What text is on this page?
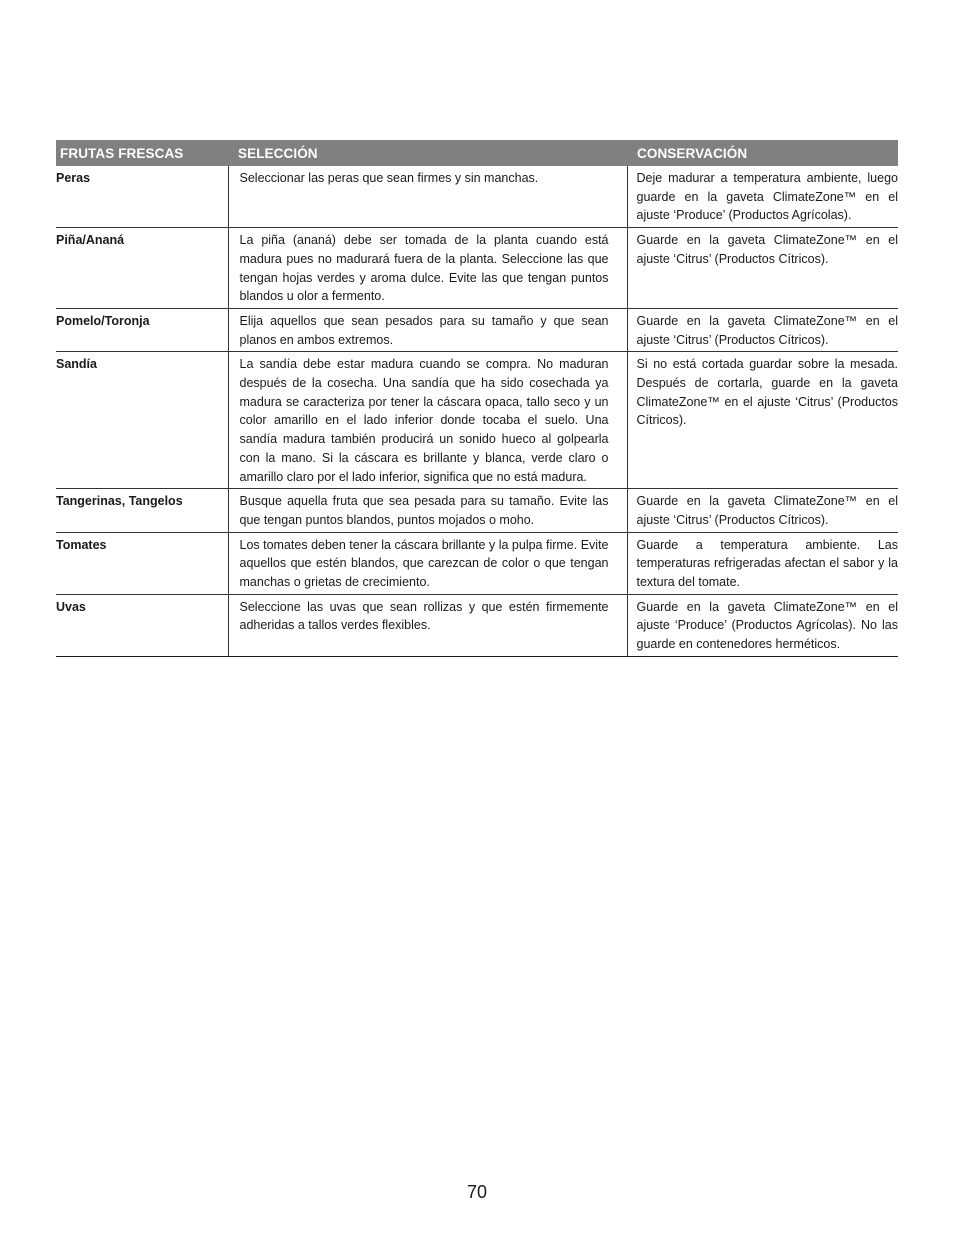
FRUTAS FRESCAS	SELECCIÓN	CONSERVACIÓN
Peras	Seleccionar las peras que sean firmes y sin manchas.	Deje madurar a temperatura ambiente, luego guarde en la gaveta ClimateZone™ en el ajuste ‘Produce’ (Productos Agrícolas).
Piña/Ananá	La piña (ananá) debe ser tomada de la planta cuando está madura pues no madurará fuera de la planta. Seleccione las que tengan hojas verdes y aroma dulce. Evite las que tengan puntos blandos u olor a fermento.	Guarde en la gaveta ClimateZone™ en el ajuste ‘Citrus’ (Productos Cítricos).
Pomelo/Toronja	Elija aquellos que sean pesados para su tamaño y que sean planos en ambos extremos.	Guarde en la gaveta ClimateZone™ en el ajuste ‘Citrus’ (Productos Cítricos).
Sandía	La sandía debe estar madura cuando se compra. No maduran después de la cosecha. Una sandía que ha sido cosechada ya madura se caracteriza por tener la cáscara opaca, tallo seco y un color amarillo en el lado inferior donde tocaba el suelo. Una sandía madura también producirá un sonido hueco al golpearla con la mano. Si la cáscara es brillante y blanca, verde claro o amarillo claro por el lado inferior, significa que no está madura.	Si no está cortada guardar sobre la mesada. Después de cortarla, guarde en la gaveta ClimateZone™ en el ajuste ‘Citrus’ (Productos Cítricos).
Tangerinas, Tangelos	Busque aquella fruta que sea pesada para su tamaño. Evite las que tengan puntos blandos, puntos mojados o moho.	Guarde en la gaveta ClimateZone™ en el ajuste ‘Citrus’ (Productos Cítricos).
Tomates	Los tomates deben tener la cáscara brillante y la pulpa firme. Evite aquellos que estén blandos, que carezcan de color o que tengan manchas o grietas de crecimiento.	Guarde a temperatura ambiente. Las temperaturas refrigeradas afectan el sabor y la textura del tomate.
Uvas	Seleccione las uvas que sean rollizas y que estén firmemente adheridas a tallos verdes flexibles.	Guarde en la gaveta ClimateZone™ en el ajuste ‘Produce’ (Productos Agrícolas). No las guarde en contenedores herméticos.
70
